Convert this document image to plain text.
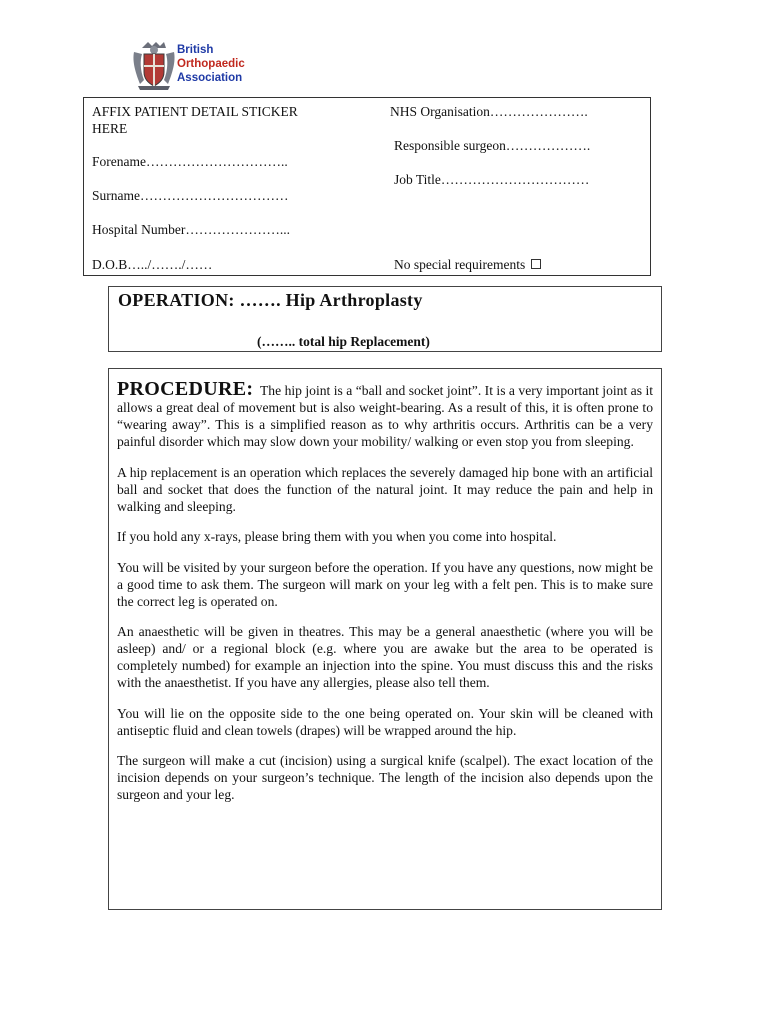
British
Orthopaedic
Association
AFFIX PATIENT DETAIL STICKER
HERE
Forename…………………………..
Surname……………………………
Hospital Number…………………...
D.O.B…../……./……
NHS Organisation………………….
Responsible surgeon……………….
Job Title……………………………
No special requirements
OPERATION: ……. Hip Arthroplasty
(…….. total hip Replacement)

PROCEDURE: The hip joint is a “ball and socket joint”. It is a very important joint as it allows a great deal of movement but is also weight-bearing. As a result of this, it is often prone to “wearing away”. This is a simplified reason as to why arthritis occurs. Arthritis can be a very painful disorder which may slow down your mobility/ walking or even stop you from sleeping.

A hip replacement is an operation which replaces the severely damaged hip bone with an artificial ball and socket that does the function of the natural joint. It may reduce the pain and help in walking and sleeping.

If you hold any x-rays, please bring them with you when you come into hospital.

You will be visited by your surgeon before the operation. If you have any questions, now might be a good time to ask them. The surgeon will mark on your leg with a felt pen. This is to make sure the correct leg is operated on.

An anaesthetic will be given in theatres. This may be a general anaesthetic (where you will be asleep) and/ or a regional block (e.g. where you are awake but the area to be operated is completely numbed) for example an injection into the spine. You must discuss this and the risks with the anaesthetist. If you have any allergies, please also tell them.

You will lie on the opposite side to the one being operated on. Your skin will be cleaned with antiseptic fluid and clean towels (drapes) will be wrapped around the hip.

The surgeon will make a cut (incision) using a surgical knife (scalpel). The exact location of the incision depends on your surgeon’s technique. The length of the incision also depends upon the surgeon and your leg.
